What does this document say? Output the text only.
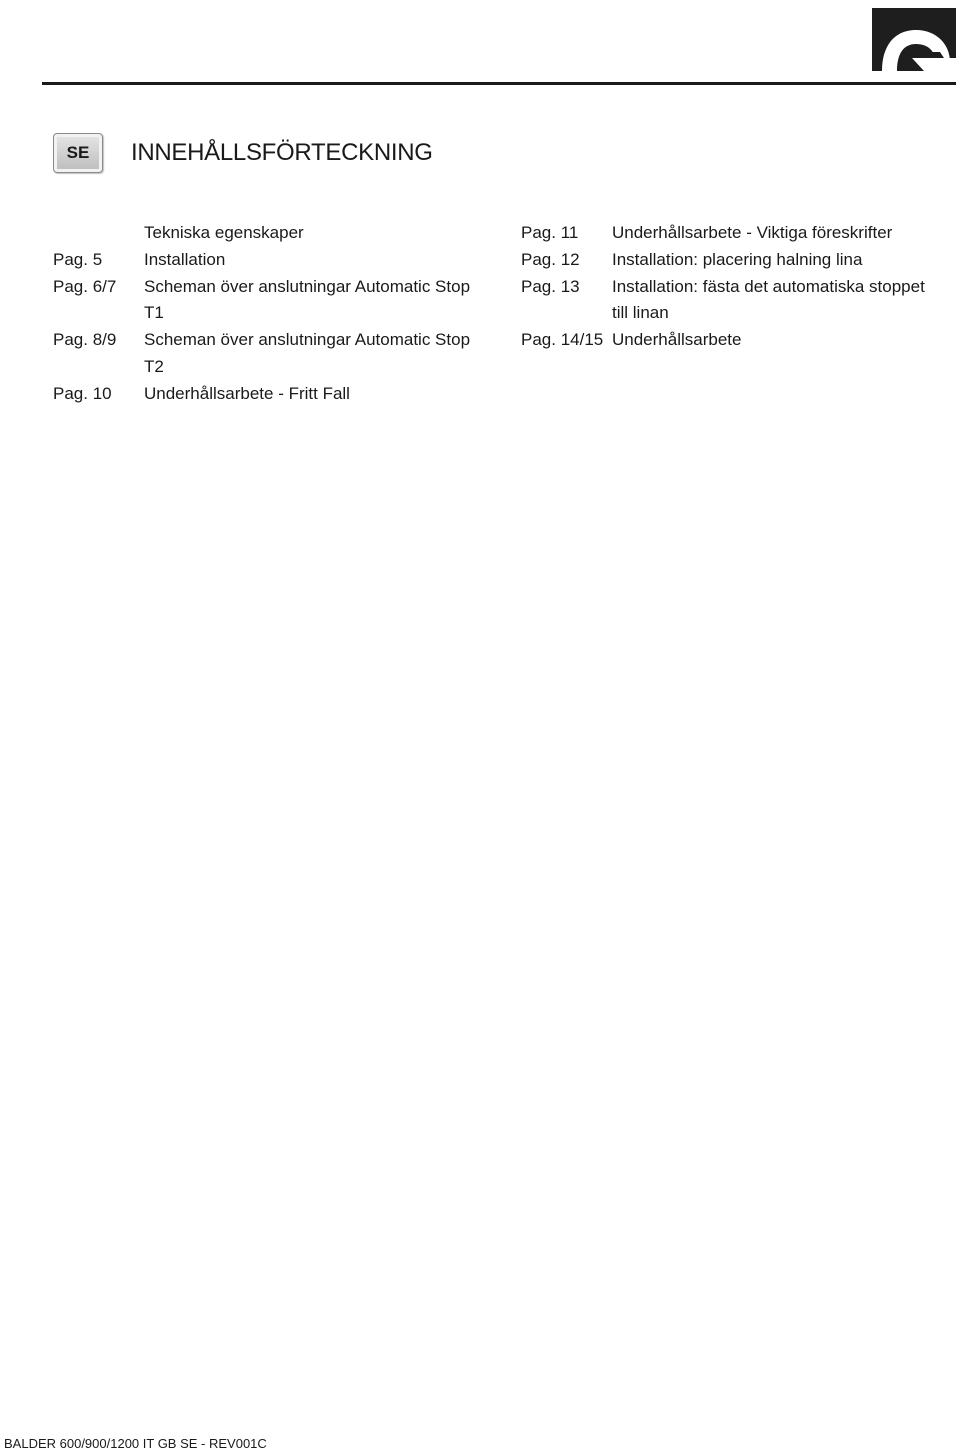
SE	INNEHÅLLSFÖRTECKNING
Tekniska egenskaper
Pag. 5	Installation
Pag. 6/7	Scheman över anslutningar Automatic Stop T1
Pag. 8/9	Scheman över anslutningar Automatic Stop T2
Pag. 10	Underhållsarbete - Fritt Fall
Pag. 11	Underhållsarbete - Viktiga föreskrifter
Pag. 12	Installation: placering halning lina
Pag. 13	Installation: fästa det automatiska stoppet
till linan
Pag. 14/15 Underhållsarbete
BALDER 600/900/1200 IT GB SE - REV001C
